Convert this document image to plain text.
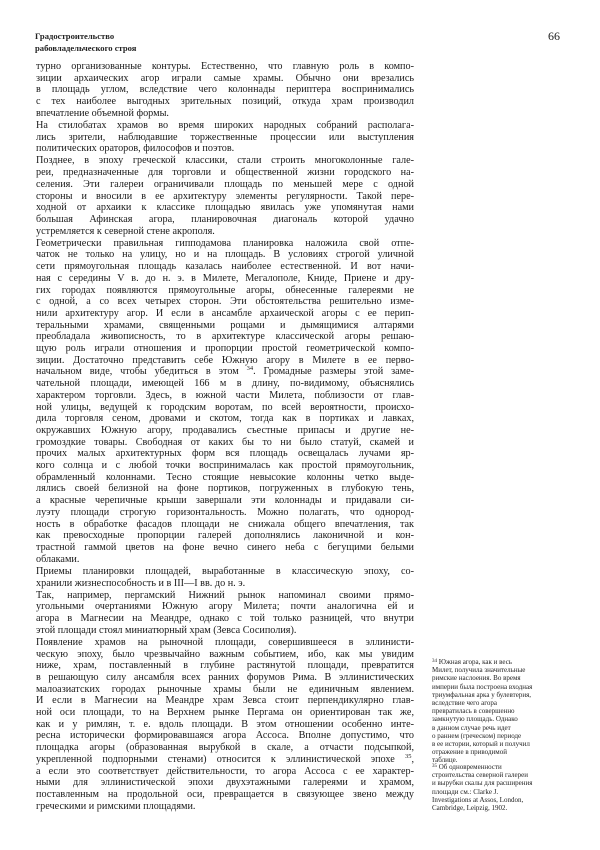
Градостроительство
рабовладельческого строя
66
турно организованные контуры. Естественно, что главную роль в компо-
зиции архаических агор играли самые храмы. Обычно они врезались
в площадь углом, вследствие чего колоннады периптера воспринимались
с тех наиболее выгодных зрительных позиций, откуда храм производил
впечатление объемной формы.
На стилобатах храмов во время широких народных собраний располага-
лись зрители, наблюдавшие торжественные процессии или выступления
политических ораторов, философов и поэтов.
Позднее, в эпоху греческой классики, стали строить многоколонные гале-
реи, предназначенные для торговли и общественной жизни городского на-
селения. Эти галереи ограничивали площадь по меньшей мере с одной
стороны и вносили в ее архитектуру элементы регулярности. Такой пере-
ходной от архаики к классике площадью явилась уже упомянутая нами
большая Афинская агора, планировочная диагональ которой удачно
устремляется к северной стене акрополя.
Геометрически правильная гипподамова планировка наложила свой отпе-
чаток не только на улицу, но и на площадь. В условиях строгой уличной
сети прямоугольная площадь казалась наиболее естественной. И вот начи-
ная с середины V в. до н. э. в Милете, Мегалополе, Книде, Приене и дру-
гих городах появляются прямоугольные агоры, обнесенные галереями не
с одной, а со всех четырех сторон. Эти обстоятельства решительно изме-
нили архитектуру агор. И если в ансамбле архаической агоры с ее перип-
теральными храмами, священными рощами и дымящимися алтарями
преобладала живописность, то в архитектуре классической агоры решаю-
щую роль играли отношения и пропорции простой геометрической компо-
зиции. Достаточно представить себе Южную агору в Милете в ее перво-
начальном виде, чтобы убедиться в этом $^{34}$. Громадные размеры этой заме-
чательной площади, имеющей 166 м в длину, по-видимому, объяснялись
характером торговли. Здесь, в южной части Милета, поблизости от глав-
ной улицы, ведущей к городским воротам, по всей вероятности, происхо-
дила торговля сеном, дровами и скотом, тогда как в портиках и лавках,
окружавших Южную агору, продавались съестные припасы и другие не-
громоздкие товары. Свободная от каких бы то ни было статуй, скамей и
прочих малых архитектурных форм вся площадь освещалась лучами яр-
кого солнца и с любой точки воспринималась как простой прямоугольник,
обрамленный колоннами. Тесно стоящие невысокие колонны четко выде-
лялись своей белизной на фоне портиков, погруженных в глубокую тень,
а красные черепичные крыши завершали эти колоннады и придавали си-
луэту площади строгую горизонтальность. Можно полагать, что однород-
ность в обработке фасадов площади не снижала общего впечатления, так
как превосходные пропорции галерей дополнялись лаконичной и кон-
трастной гаммой цветов на фоне вечно синего неба с бегущими белыми
облаками.
Приемы планировки площадей, выработанные в классическую эпоху, со-
хранили жизнеспособность и в III—I вв. до н. э.
Так, например, пергамский Нижний рынок напоминал своими прямо-
угольными очертаниями Южную агору Милета; почти аналогична ей и
агора в Магнесии на Меандре, однако с той только разницей, что внутри
этой площади стоял миниатюрный храм (Зевса Сосиполия).
Появление храмов на рыночной площади, совершившееся в эллинисти-
ческую эпоху, было чрезвычайно важным событием, ибо, как мы увидим
ниже, храм, поставленный в глубине растянутой площади, превратится
в решающую силу ансамбля всех ранних форумов Рима. В эллинистических
малоазиатских городах рыночные храмы были не единичным явлением.
И если в Магнесии на Меандре храм Зевса стоит перпендикулярно глав-
ной оси площади, то на Верхнем рынке Пергама он ориентирован так же,
как и у римлян, т. е. вдоль площади. В этом отношении особенно инте-
ресна исторически формировавшаяся агора Ассоса. Вполне допустимо, что
площадка агоры (образованная вырубкой в скале, а отчасти подсыпкой,
укрепленной подпорными стенами) относится к эллинистической эпохе $^{35}$,
а если это соответствует действительности, то агора Ассоса с ее характер-
ными для эллинистической эпохи двухэтажными галереями и храмом,
поставленным на продольной оси, превращается в связующее звено между
греческими и римскими площадями.
$^{34}$ Южная агора, как и весь
Милет, получила значительные
римские наслоения. Во время
империи была построена входная
триумфальная арка у булевтерия,
вследствие чего агора
превратилась в совершенно
замкнутую площадь. Однако
в данном случае речь идет
о раннем (греческом) периоде
в ее истории, который и получил
отражение в приводимой
таблице.
$^{35}$ Об одновременности
строительства северной галереи
и вырубки скалы для расширения
площади см.: Clarke J.
Investigations at Assos, London,
Cambridge, Leipzig, 1902.
